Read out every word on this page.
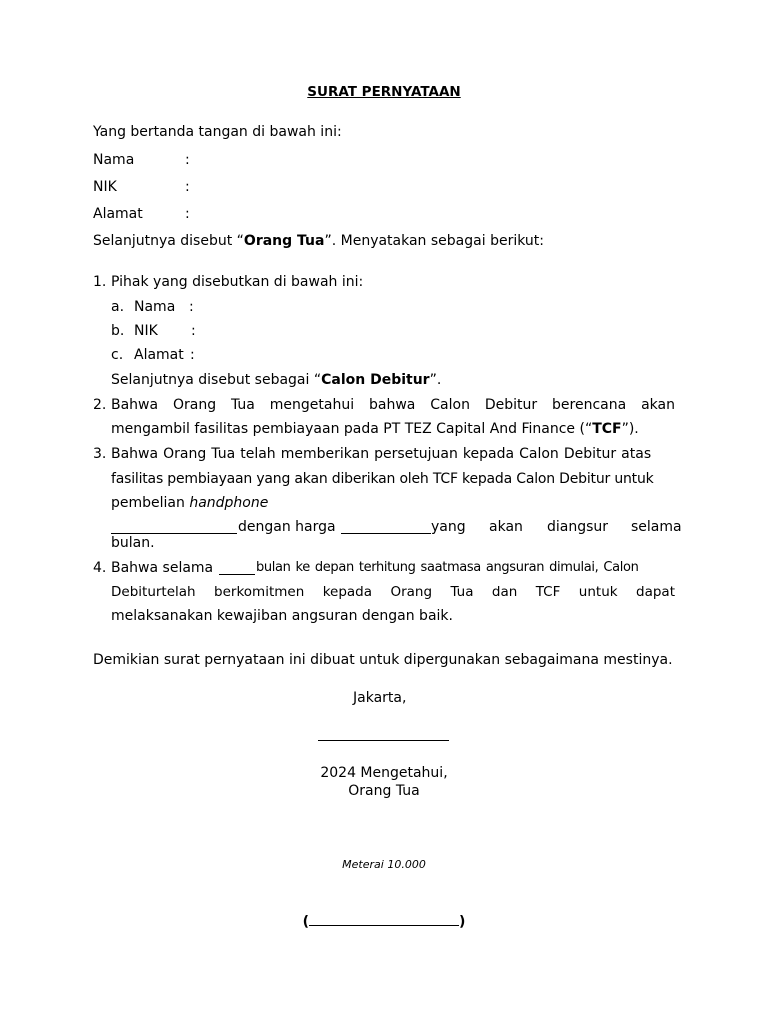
SURAT PERNYATAAN
Yang bertanda tangan di bawah ini:
Nama	:
NIK	:
Alamat	:
Selanjutnya disebut “Orang Tua”. Menyatakan sebagai berikut:
1. Pihak yang disebutkan di bawah ini:
a. Nama :
b. NIK :
c. Alamat :
Selanjutnya disebut sebagai “Calon Debitur”.
2. Bahwa Orang Tua mengetahui bahwa Calon Debitur berencana akan
mengambil fasilitas pembiayaan pada PT TEZ Capital And Finance (“TCF”).
3. Bahwa Orang Tua telah memberikan persetujuan kepada Calon Debitur atas
fasilitas pembiayaan yang akan diberikan oleh TCF kepada Calon Debitur untuk
pembelian handphone
dengan harga	yang akan diangsur selama
bulan.
4. Bahwa selama	bulan ke depan terhitung saatmasa angsuran dimulai, Calon
Debiturtelah berkomitmen kepada Orang Tua dan TCF untuk dapat
melaksanakan kewajiban angsuran dengan baik.
Demikian surat pernyataan ini dibuat untuk dipergunakan sebagaimana mestinya.
Jakarta,
2024 Mengetahui,
Orang Tua
Meterai 10.000
(	)
